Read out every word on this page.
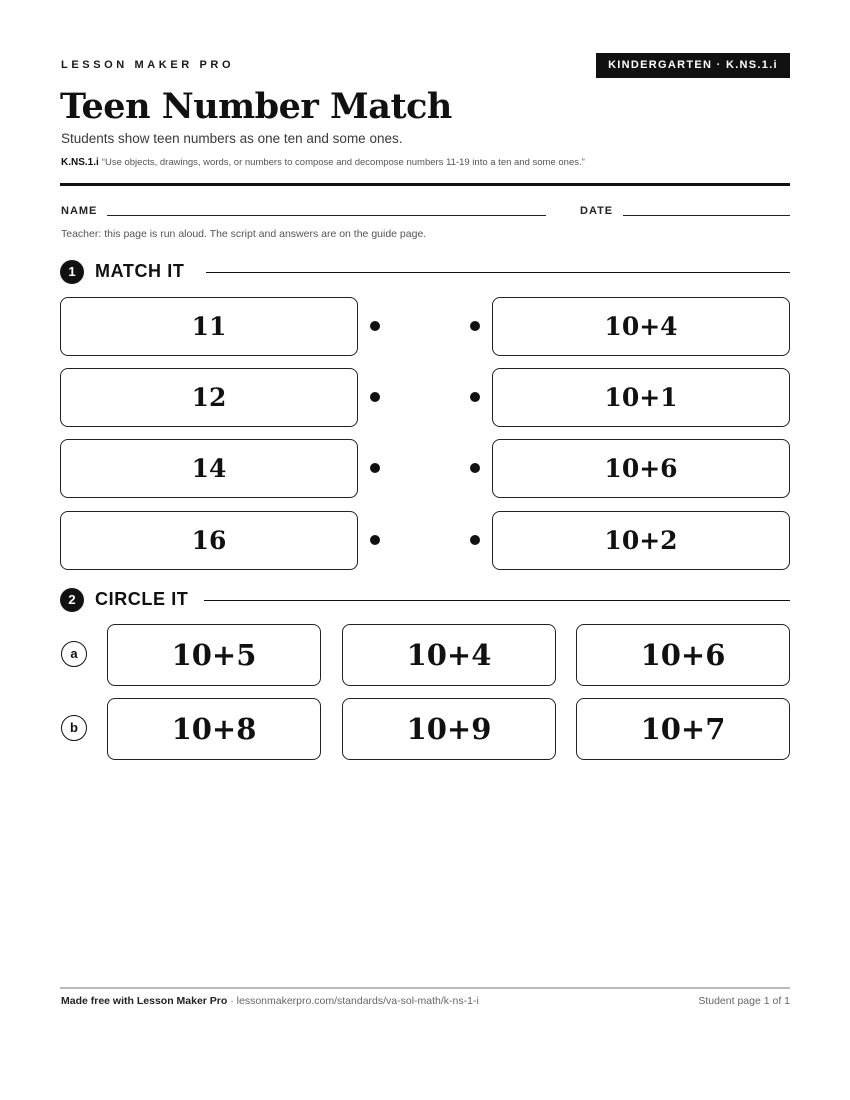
LESSON MAKER PRO	KINDERGARTEN · K.NS.1.i
Teen Number Match
Students show teen numbers as one ten and some ones.
K.NS.1.i “Use objects, drawings, words, or numbers to compose and decompose numbers 11-19 into a ten and some ones.”
NAME	DATE
Teacher: this page is run aloud. The script and answers are on the guide page.
1	MATCH IT
11	10+4
12	10+1
14	10+6
16	10+2
2	CIRCLE IT
a	10+5	10+4	10+6
b	10+8	10+9	10+7
Made free with Lesson Maker Pro · lessonmakerpro.com/standards/va-sol-math/k-ns-1-i	Student page 1 of 1
